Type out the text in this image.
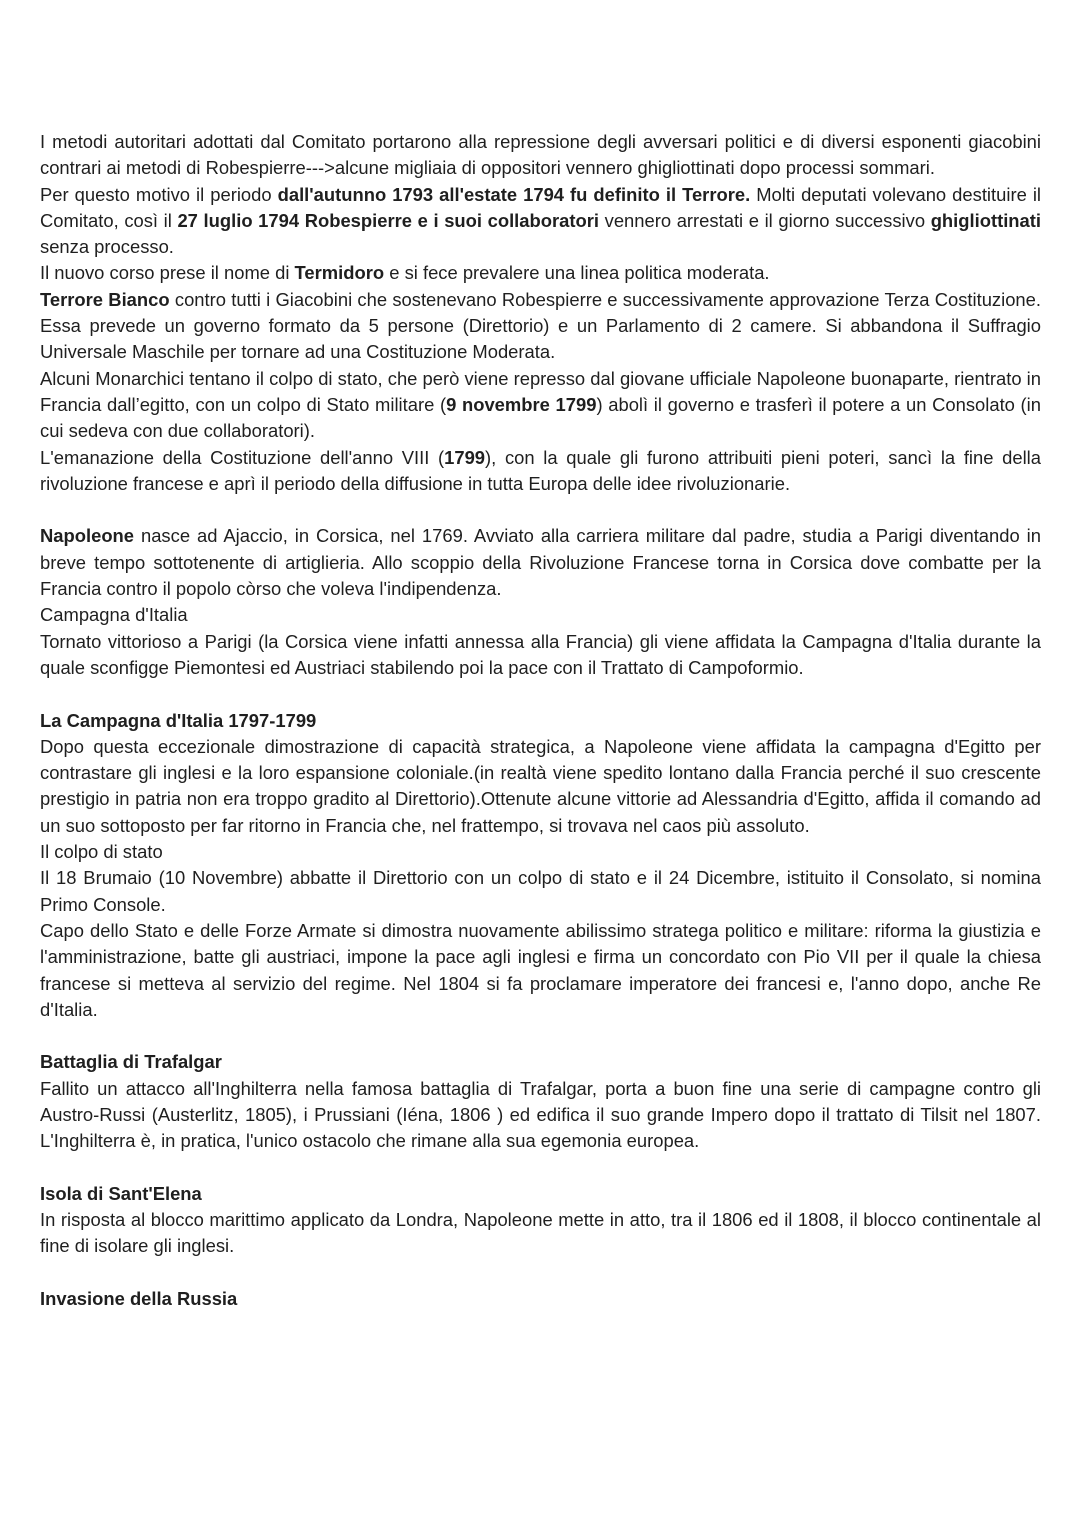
I metodi autoritari adottati dal Comitato portarono alla repressione degli avversari politici e di diversi esponenti giacobini contrari ai metodi di Robespierre--->alcune migliaia di oppositori vennero ghigliottinati dopo processi sommari.

Per questo motivo il periodo dall'autunno 1793 all'estate 1794 fu definito il Terrore. Molti deputati volevano destituire il Comitato, così il 27 luglio 1794 Robespierre e i suoi collaboratori vennero arrestati e il giorno successivo ghigliottinati senza processo.

Il nuovo corso prese il nome di Termidoro e si fece prevalere una linea politica moderata.

Terrore Bianco contro tutti i Giacobini che sostenevano Robespierre e successivamente approvazione Terza Costituzione. Essa prevede un governo formato da 5 persone (Direttorio) e un Parlamento di 2 camere. Si abbandona il Suffragio Universale Maschile per tornare ad una Costituzione Moderata.

Alcuni Monarchici tentano il colpo di stato, che però viene represso dal giovane ufficiale Napoleone buonaparte, rientrato in Francia dall’egitto, con un colpo di Stato militare (9 novembre 1799) abolì il governo e trasferì il potere a un Consolato (in cui sedeva con due collaboratori).

L'emanazione della Costituzione dell'anno VIII (1799), con la quale gli furono attribuiti pieni poteri, sancì la fine della rivoluzione francese e aprì il periodo della diffusione in tutta Europa delle idee rivoluzionarie.

Napoleone nasce ad Ajaccio, in Corsica, nel 1769. Avviato alla carriera militare dal padre, studia a Parigi diventando in breve tempo sottotenente di artiglieria. Allo scoppio della Rivoluzione Francese torna in Corsica dove combatte per la Francia contro il popolo còrso che voleva l'indipendenza.

Campagna d'Italia

Tornato vittorioso a Parigi (la Corsica viene infatti annessa alla Francia) gli viene affidata la Campagna d'Italia durante la quale sconfigge Piemontesi ed Austriaci stabilendo poi la pace con il Trattato di Campoformio.

La Campagna d'Italia 1797-1799

Dopo questa eccezionale dimostrazione di capacità strategica, a Napoleone viene affidata la campagna d'Egitto per contrastare gli inglesi e la loro espansione coloniale.(in realtà viene spedito lontano dalla Francia perché il suo crescente prestigio in patria non era troppo gradito al Direttorio).Ottenute alcune vittorie ad Alessandria d'Egitto, affida il comando ad un suo sottoposto per far ritorno in Francia che, nel frattempo, si trovava nel caos più assoluto.

Il colpo di stato

Il 18 Brumaio (10 Novembre) abbatte il Direttorio con un colpo di stato e il 24 Dicembre, istituito il Consolato, si nomina Primo Console.

Capo dello Stato e delle Forze Armate si dimostra nuovamente abilissimo stratega politico e militare: riforma la giustizia e l'amministrazione, batte gli austriaci, impone la pace agli inglesi e firma un concordato con Pio VII per il quale la chiesa francese si metteva al servizio del regime. Nel 1804 si fa proclamare imperatore dei francesi e, l'anno dopo, anche Re d'Italia.

Battaglia di Trafalgar

Fallito un attacco all'Inghilterra nella famosa battaglia di Trafalgar, porta a buon fine una serie di campagne contro gli Austro-Russi (Austerlitz, 1805), i Prussiani (Iéna, 1806 ) ed edifica il suo grande Impero dopo il trattato di Tilsit nel 1807. L'Inghilterra è, in pratica, l'unico ostacolo che rimane alla sua egemonia europea.

Isola di Sant'Elena

In risposta al blocco marittimo applicato da Londra, Napoleone mette in atto, tra il 1806 ed il 1808, il blocco continentale al fine di isolare gli inglesi.

Invasione della Russia
